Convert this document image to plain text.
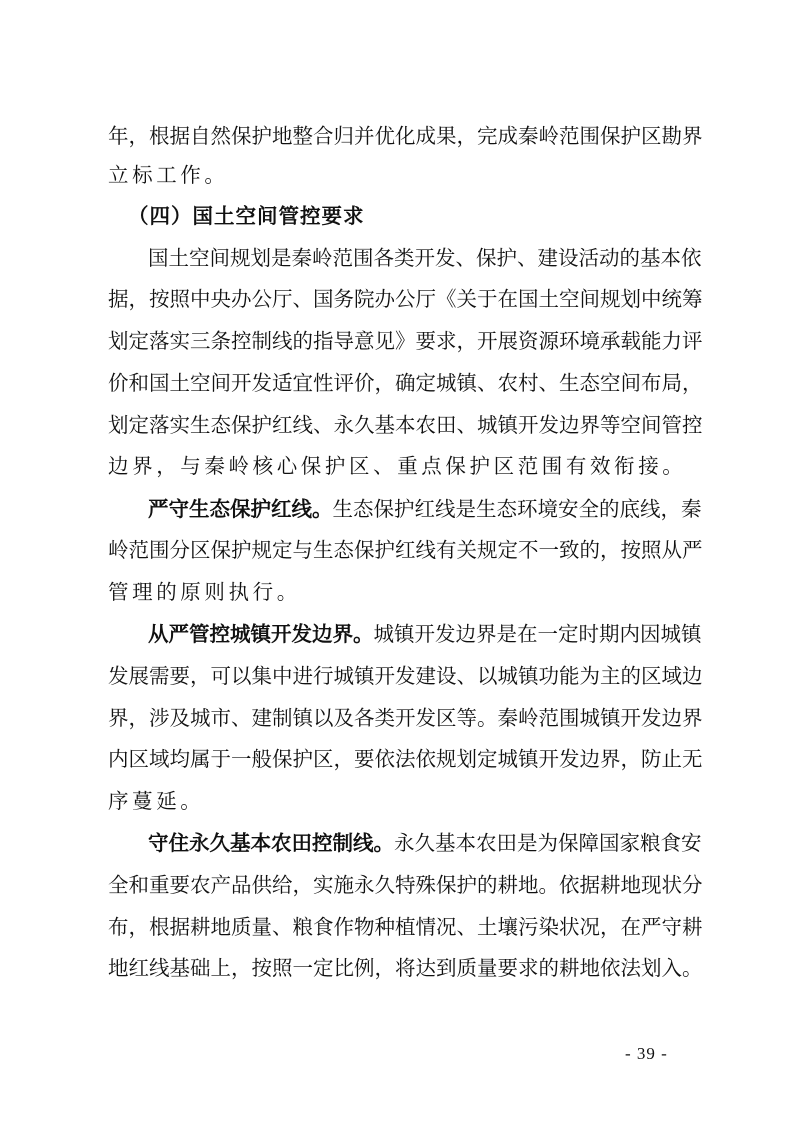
年，根据自然保护地整合归并优化成果，完成秦岭范围保护区勘界
立标工作。
（四）国土空间管控要求
国土空间规划是秦岭范围各类开发、保护、建设活动的基本依
据，按照中央办公厅、国务院办公厅《关于在国土空间规划中统筹
划定落实三条控制线的指导意见》要求，开展资源环境承载能力评
价和国土空间开发适宜性评价，确定城镇、农村、生态空间布局，
划定落实生态保护红线、永久基本农田、城镇开发边界等空间管控
边界，与秦岭核心保护区、重点保护区范围有效衔接。
严守生态保护红线。生态保护红线是生态环境安全的底线，秦
岭范围分区保护规定与生态保护红线有关规定不一致的，按照从严
管理的原则执行。
从严管控城镇开发边界。城镇开发边界是在一定时期内因城镇
发展需要，可以集中进行城镇开发建设、以城镇功能为主的区域边
界，涉及城市、建制镇以及各类开发区等。秦岭范围城镇开发边界
内区域均属于一般保护区，要依法依规划定城镇开发边界，防止无
序蔓延。
守住永久基本农田控制线。永久基本农田是为保障国家粮食安
全和重要农产品供给，实施永久特殊保护的耕地。依据耕地现状分
布，根据耕地质量、粮食作物种植情况、土壤污染状况，在严守耕
地红线基础上，按照一定比例，将达到质量要求的耕地依法划入。
- 39 -
